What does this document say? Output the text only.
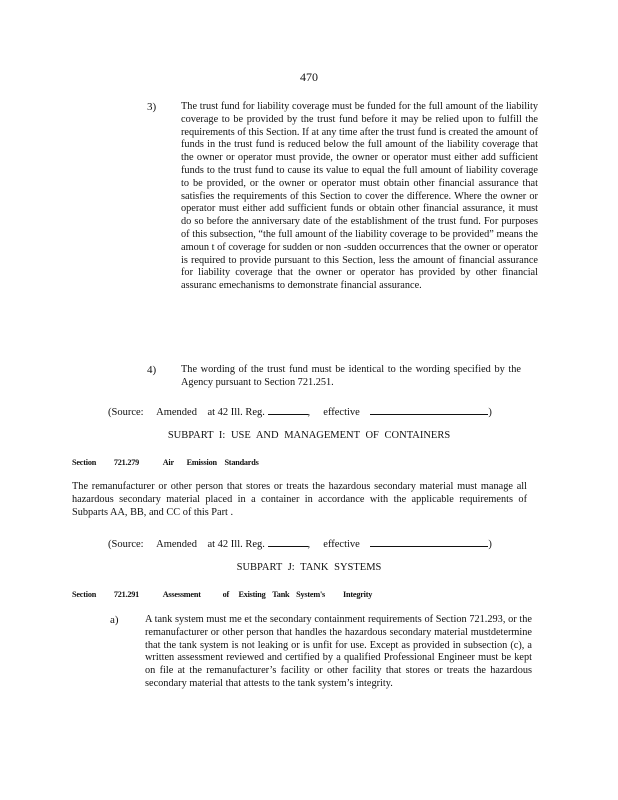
470
3) The trust fund for liability coverage must be funded for the full amount of the liability coverage to be provided by the trust fund before it may be relied upon to fulfill the requirements of this Section. If at any time after the trust fund is created the amount of funds in the trust fund is reduced below the full amount of the liability coverage that the owner or operator must provide, the owner or operator must either add sufficient funds to the trust fund to cause its value to equal the full amount of liability coverage to be provided, or the owner or operator must obtain other financial assurance that satisfies the requirements of this Section to cover the difference. Where the owner or operator must either add sufficient funds or obtain other financial assurance, it must do so before the anniversary date of the establishment of the trust fund. For purposes of this subsection, “the full amount of the liability coverage to be provided” means the amoun t of coverage for sudden or non -sudden occurrences that the owner or operator is required to provide pursuant to this Section, less the amount of financial assurance for liability coverage that the owner or operator has provided by other financial assuranc emechanisms to demonstrate financial assurance.

4) The wording of the trust fund must be identical to the wording specified by the Agency pursuant to Section 721.251.

(Source: Amended at 42 Ill. Reg.	, effective	)
SUBPART I: USE AND MANAGEMENT OF CONTAINERS
Section 721.279	Air Emission Standards

The remanufacturer or other person that stores or treats the hazardous secondary material must manage all hazardous secondary material placed in a container in accordance with the applicable requirements of Subparts AA, BB, and CC of this Part .

(Source: Amended at 42 Ill. Reg.	, effective	)
SUBPART J: TANK SYSTEMS
Section 721.291	Assessment	of Existing Tank System's Integrity
a)	A tank system must me et the secondary containment requirements of Section 721.293, or the remanufacturer or other person that handles the hazardous secondary material mustdetermine that the tank system is not leaking or is unfit for use. Except as provided in subsection (c), a written assessment reviewed and certified by a qualified Professional Engineer must be kept on file at the remanufacturer’s facility or other facility that stores or treats the hazardous secondary material that attests to the tank system’s integrity.
